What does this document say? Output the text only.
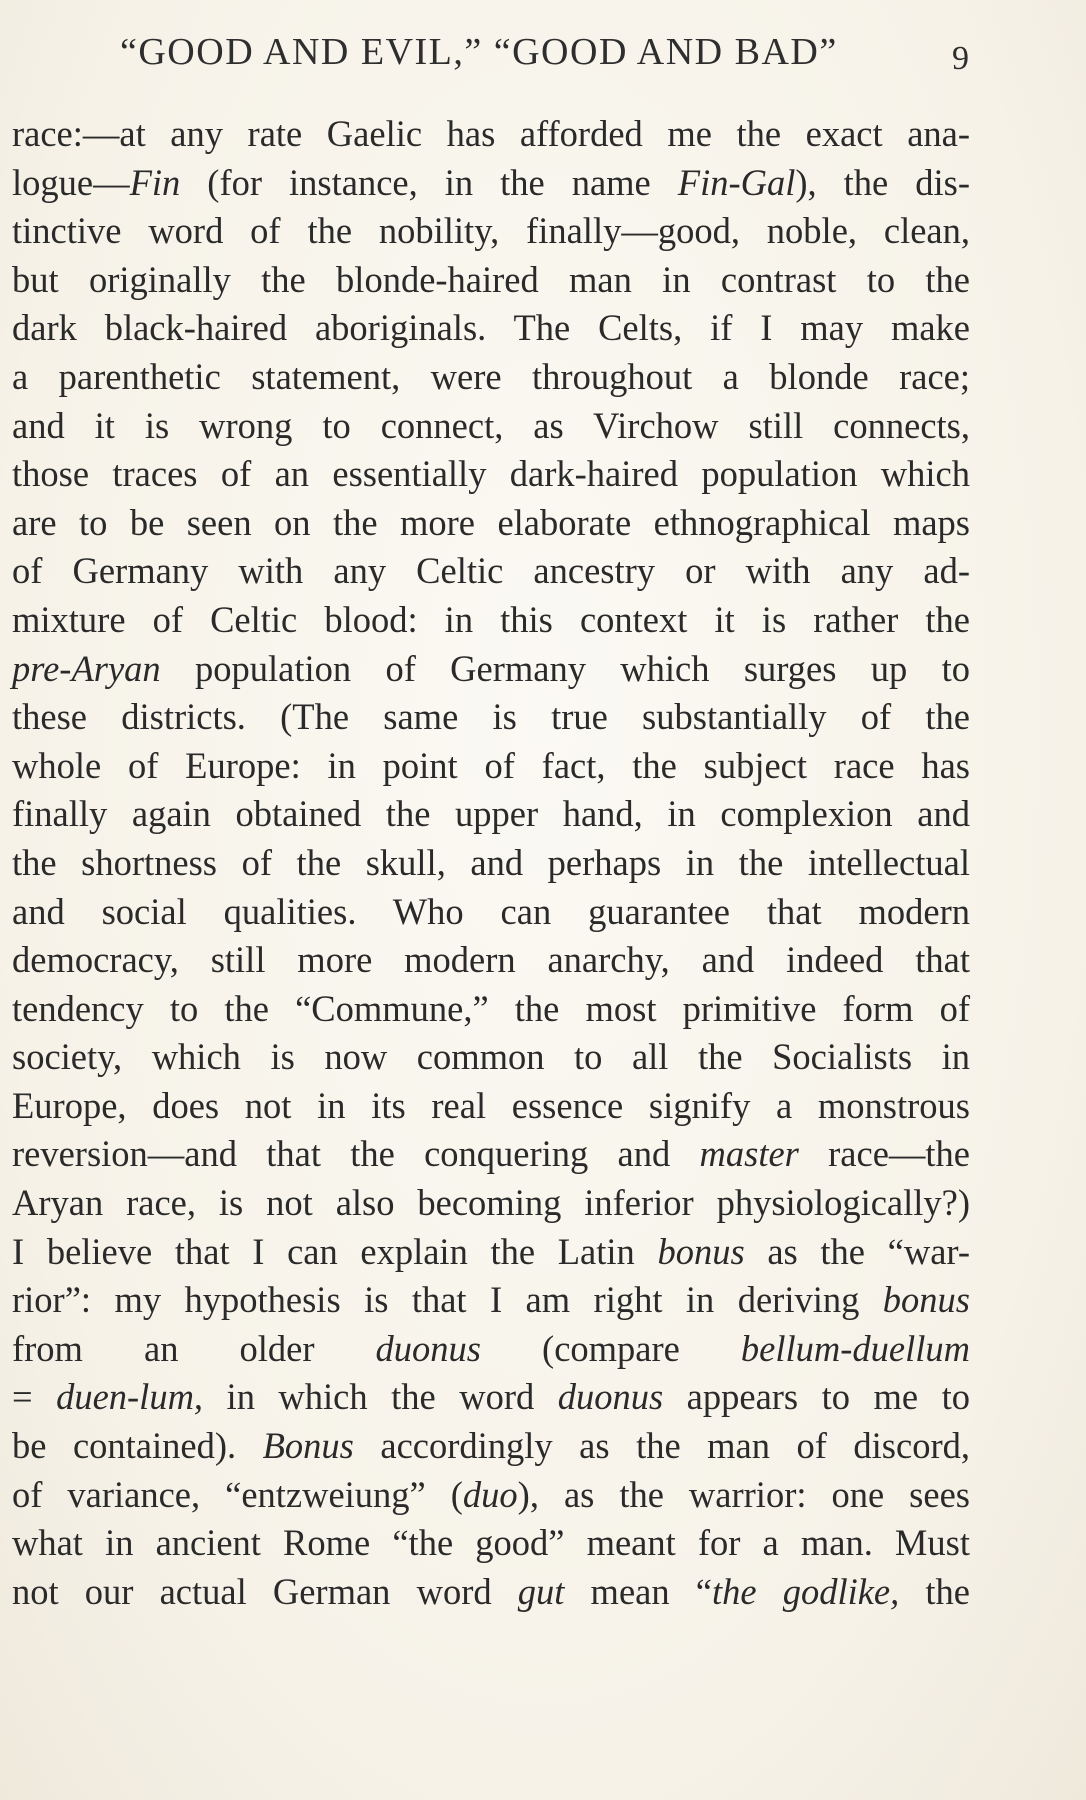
“GOOD AND EVIL,” “GOOD AND BAD”	9
race:—at any rate Gaelic has afforded me the exact ana-
logue—Fin (for instance, in the name Fin-Gal), the dis-
tinctive word of the nobility, finally—good, noble, clean,
but originally the blonde-haired man in contrast to the
dark black-haired aboriginals. The Celts, if I may make
a parenthetic statement, were throughout a blonde race;
and it is wrong to connect, as Virchow still connects,
those traces of an essentially dark-haired population which
are to be seen on the more elaborate ethnographical maps
of Germany with any Celtic ancestry or with any ad-
mixture of Celtic blood: in this context it is rather the
pre-Aryan population of Germany which surges up to
these districts. (The same is true substantially of the
whole of Europe: in point of fact, the subject race has
finally again obtained the upper hand, in complexion and
the shortness of the skull, and perhaps in the intellectual
and social qualities. Who can guarantee that modern
democracy, still more modern anarchy, and indeed that
tendency to the “Commune,” the most primitive form of
society, which is now common to all the Socialists in
Europe, does not in its real essence signify a monstrous
reversion—and that the conquering and master race—the
Aryan race, is not also becoming inferior physiologically?)
I believe that I can explain the Latin bonus as the “war-
rior”: my hypothesis is that I am right in deriving bonus
from an older duonus (compare bellum-duellum
= duen-lum, in which the word duonus appears to me to
be contained). Bonus accordingly as the man of discord,
of variance, “entzweiung” (duo), as the warrior: one sees
what in ancient Rome “the good” meant for a man. Must
not our actual German word gut mean “the godlike, the
